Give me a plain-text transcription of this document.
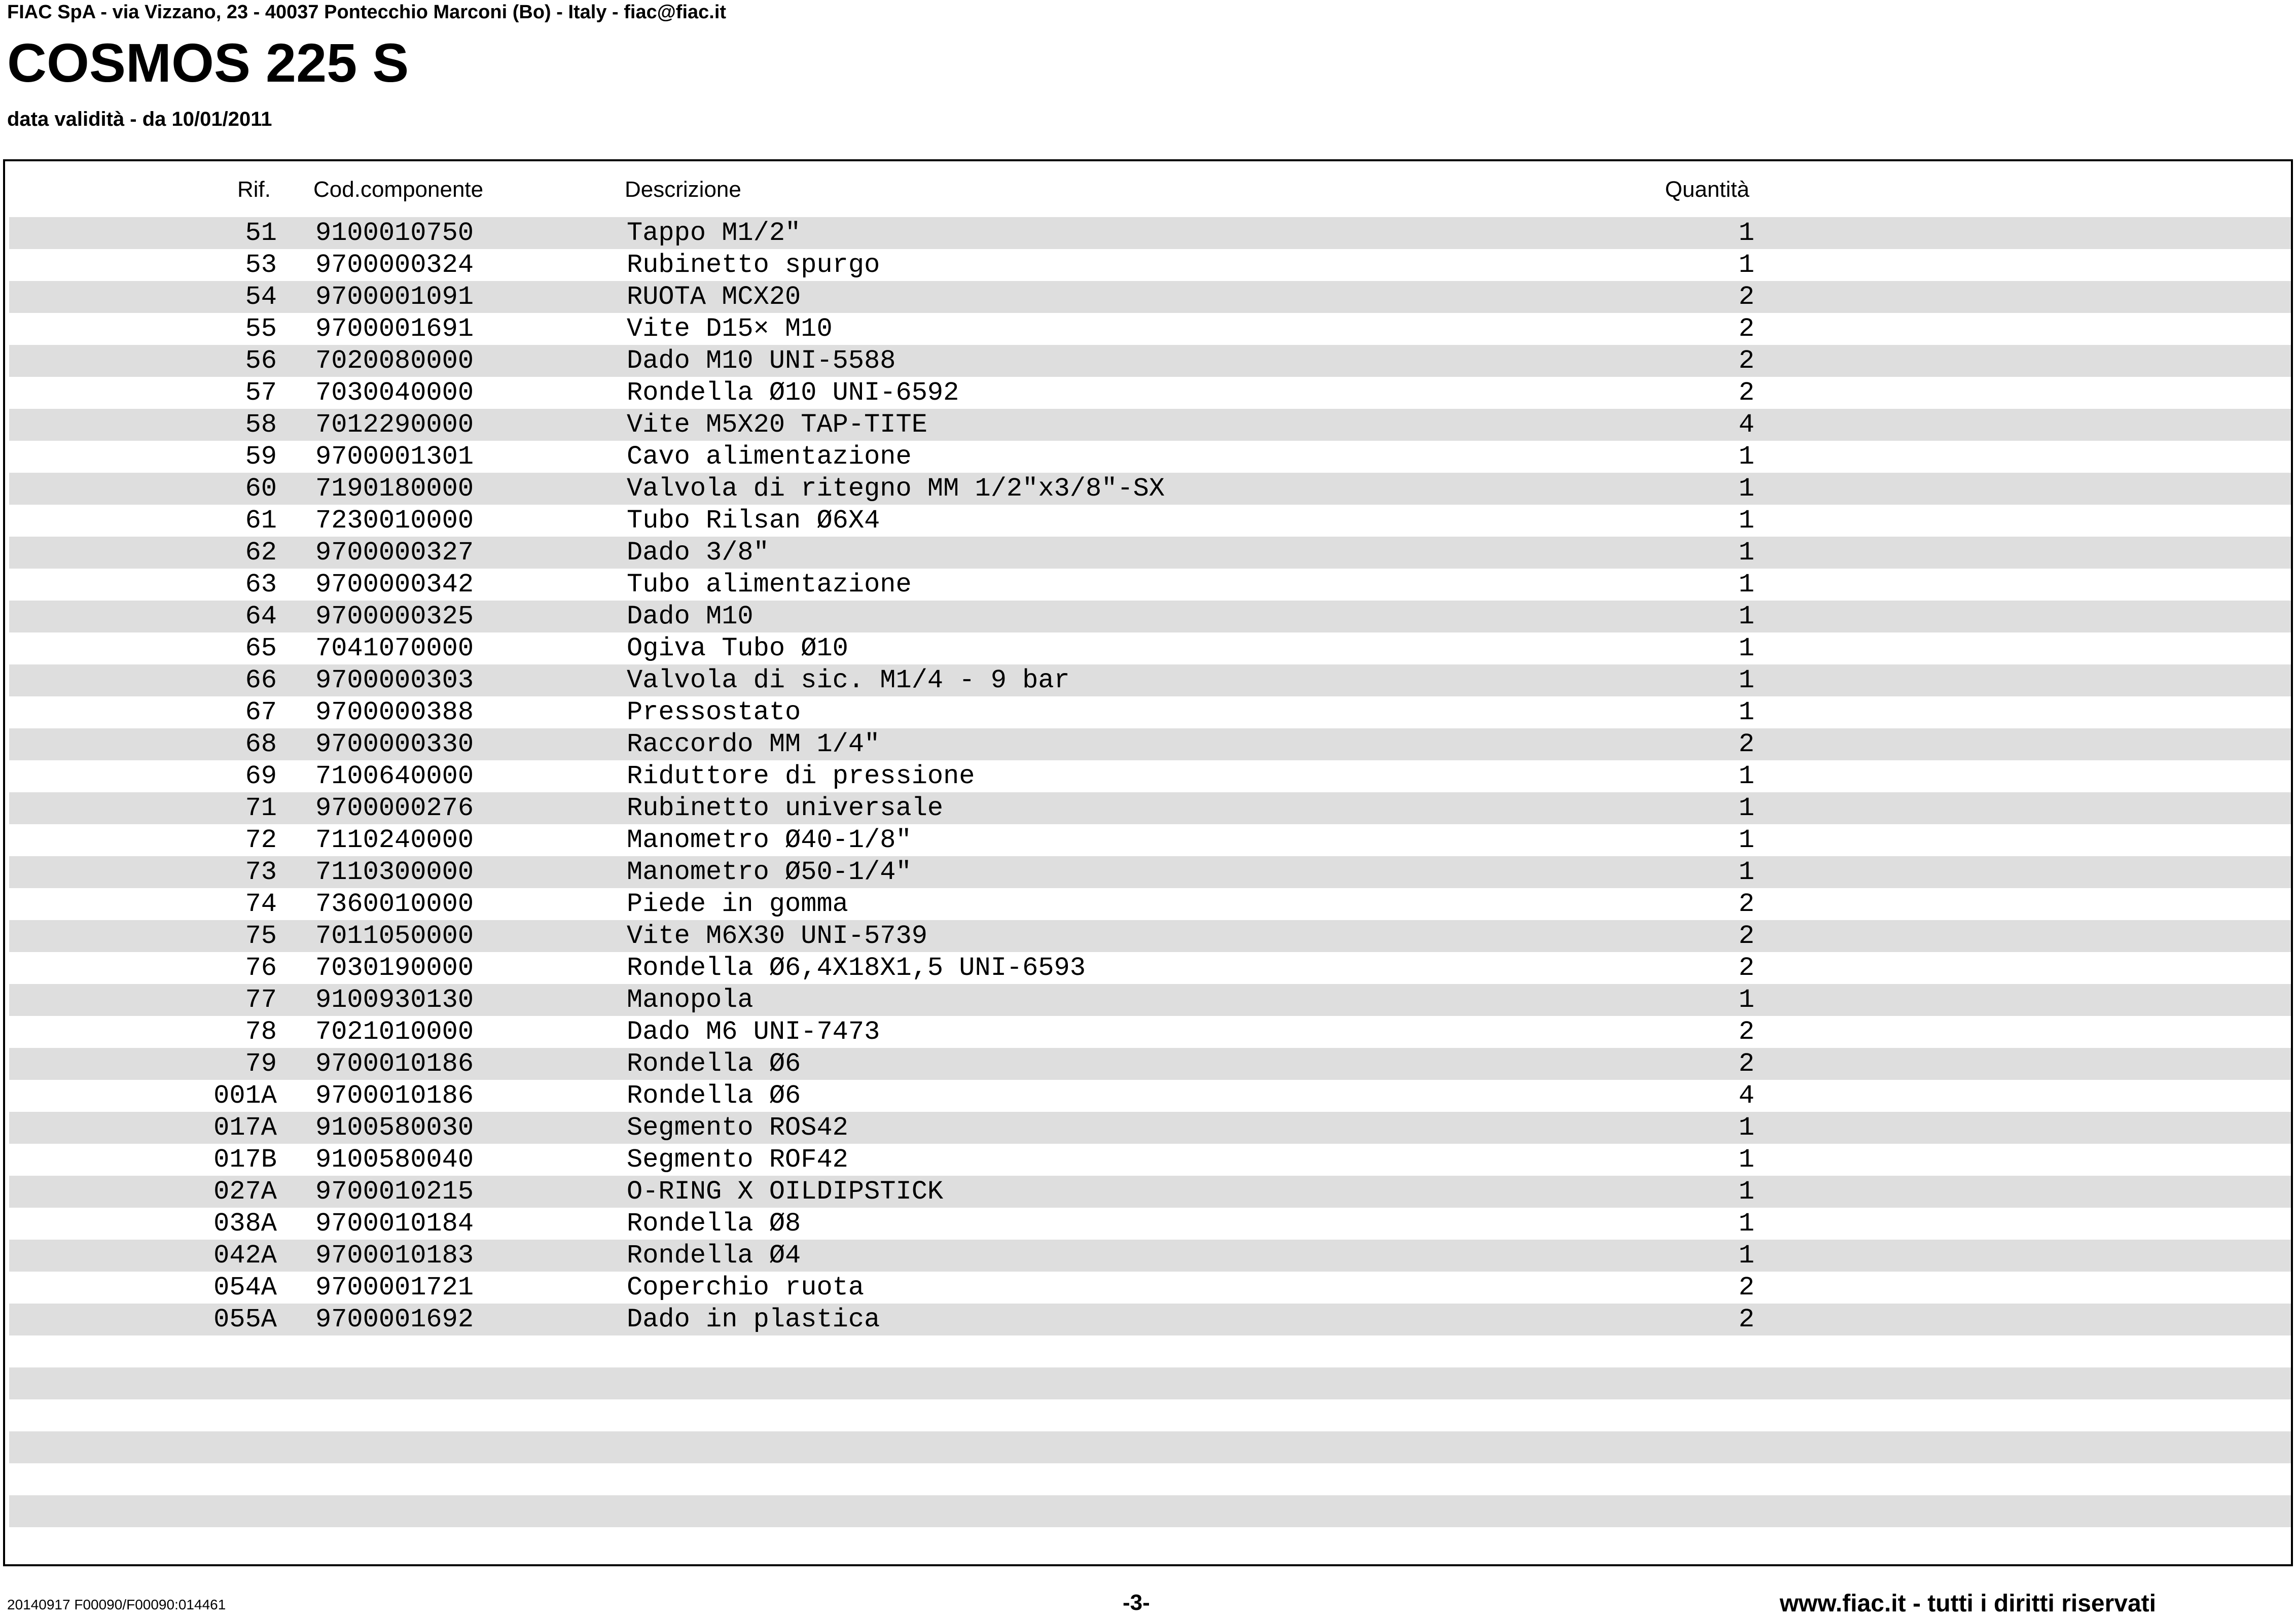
FIAC SpA - via Vizzano, 23 - 40037 Pontecchio Marconi (Bo) - Italy - fiac@fiac.it
COSMOS 225 S
data validità - da 10/01/2011
Rif. Cod.componente	Descrizione	Quantità
51 9100010750	Tappo M1/2"	1
53 9700000324	Rubinetto spurgo	1
54 9700001091	RUOTA MCX20	2
55 9700001691	Vite D15× M10	2
56 7020080000	Dado M10 UNI-5588	2
57 7030040000	Rondella Ø10 UNI-6592	2
58 7012290000	Vite M5X20 TAP-TITE	4
59 9700001301	Cavo alimentazione	1
60 7190180000	Valvola di ritegno MM 1/2"x3/8"-SX	1
61 7230010000	Tubo Rilsan Ø6X4	1
62 9700000327	Dado 3/8"	1
63 9700000342	Tubo alimentazione	1
64 9700000325	Dado M10	1
65 7041070000	Ogiva Tubo Ø10	1
66 9700000303	Valvola di sic. M1/4 - 9 bar	1
67 9700000388	Pressostato	1
68 9700000330	Raccordo MM 1/4"	2
69 7100640000	Riduttore di pressione	1
71 9700000276	Rubinetto universale	1
72 7110240000	Manometro Ø40-1/8"	1
73 7110300000	Manometro Ø50-1/4"	1
74 7360010000	Piede in gomma	2
75 7011050000	Vite M6X30 UNI-5739	2
76 7030190000	Rondella Ø6,4X18X1,5 UNI-6593	2
77 9100930130	Manopola	1
78 7021010000	Dado M6 UNI-7473	2
79 9700010186	Rondella Ø6	2
001A 9700010186	Rondella Ø6	4
017A 9100580030	Segmento ROS42	1
017B 9100580040	Segmento ROF42	1
027A 9700010215	O-RING X OILDIPSTICK	1
038A 9700010184	Rondella Ø8	1
042A 9700010183	Rondella Ø4	1
054A 9700001721	Coperchio ruota	2
055A 9700001692	Dado in plastica	2
20140917 F00090/F00090:014461	-3-	www.fiac.it - tutti i diritti riservati
